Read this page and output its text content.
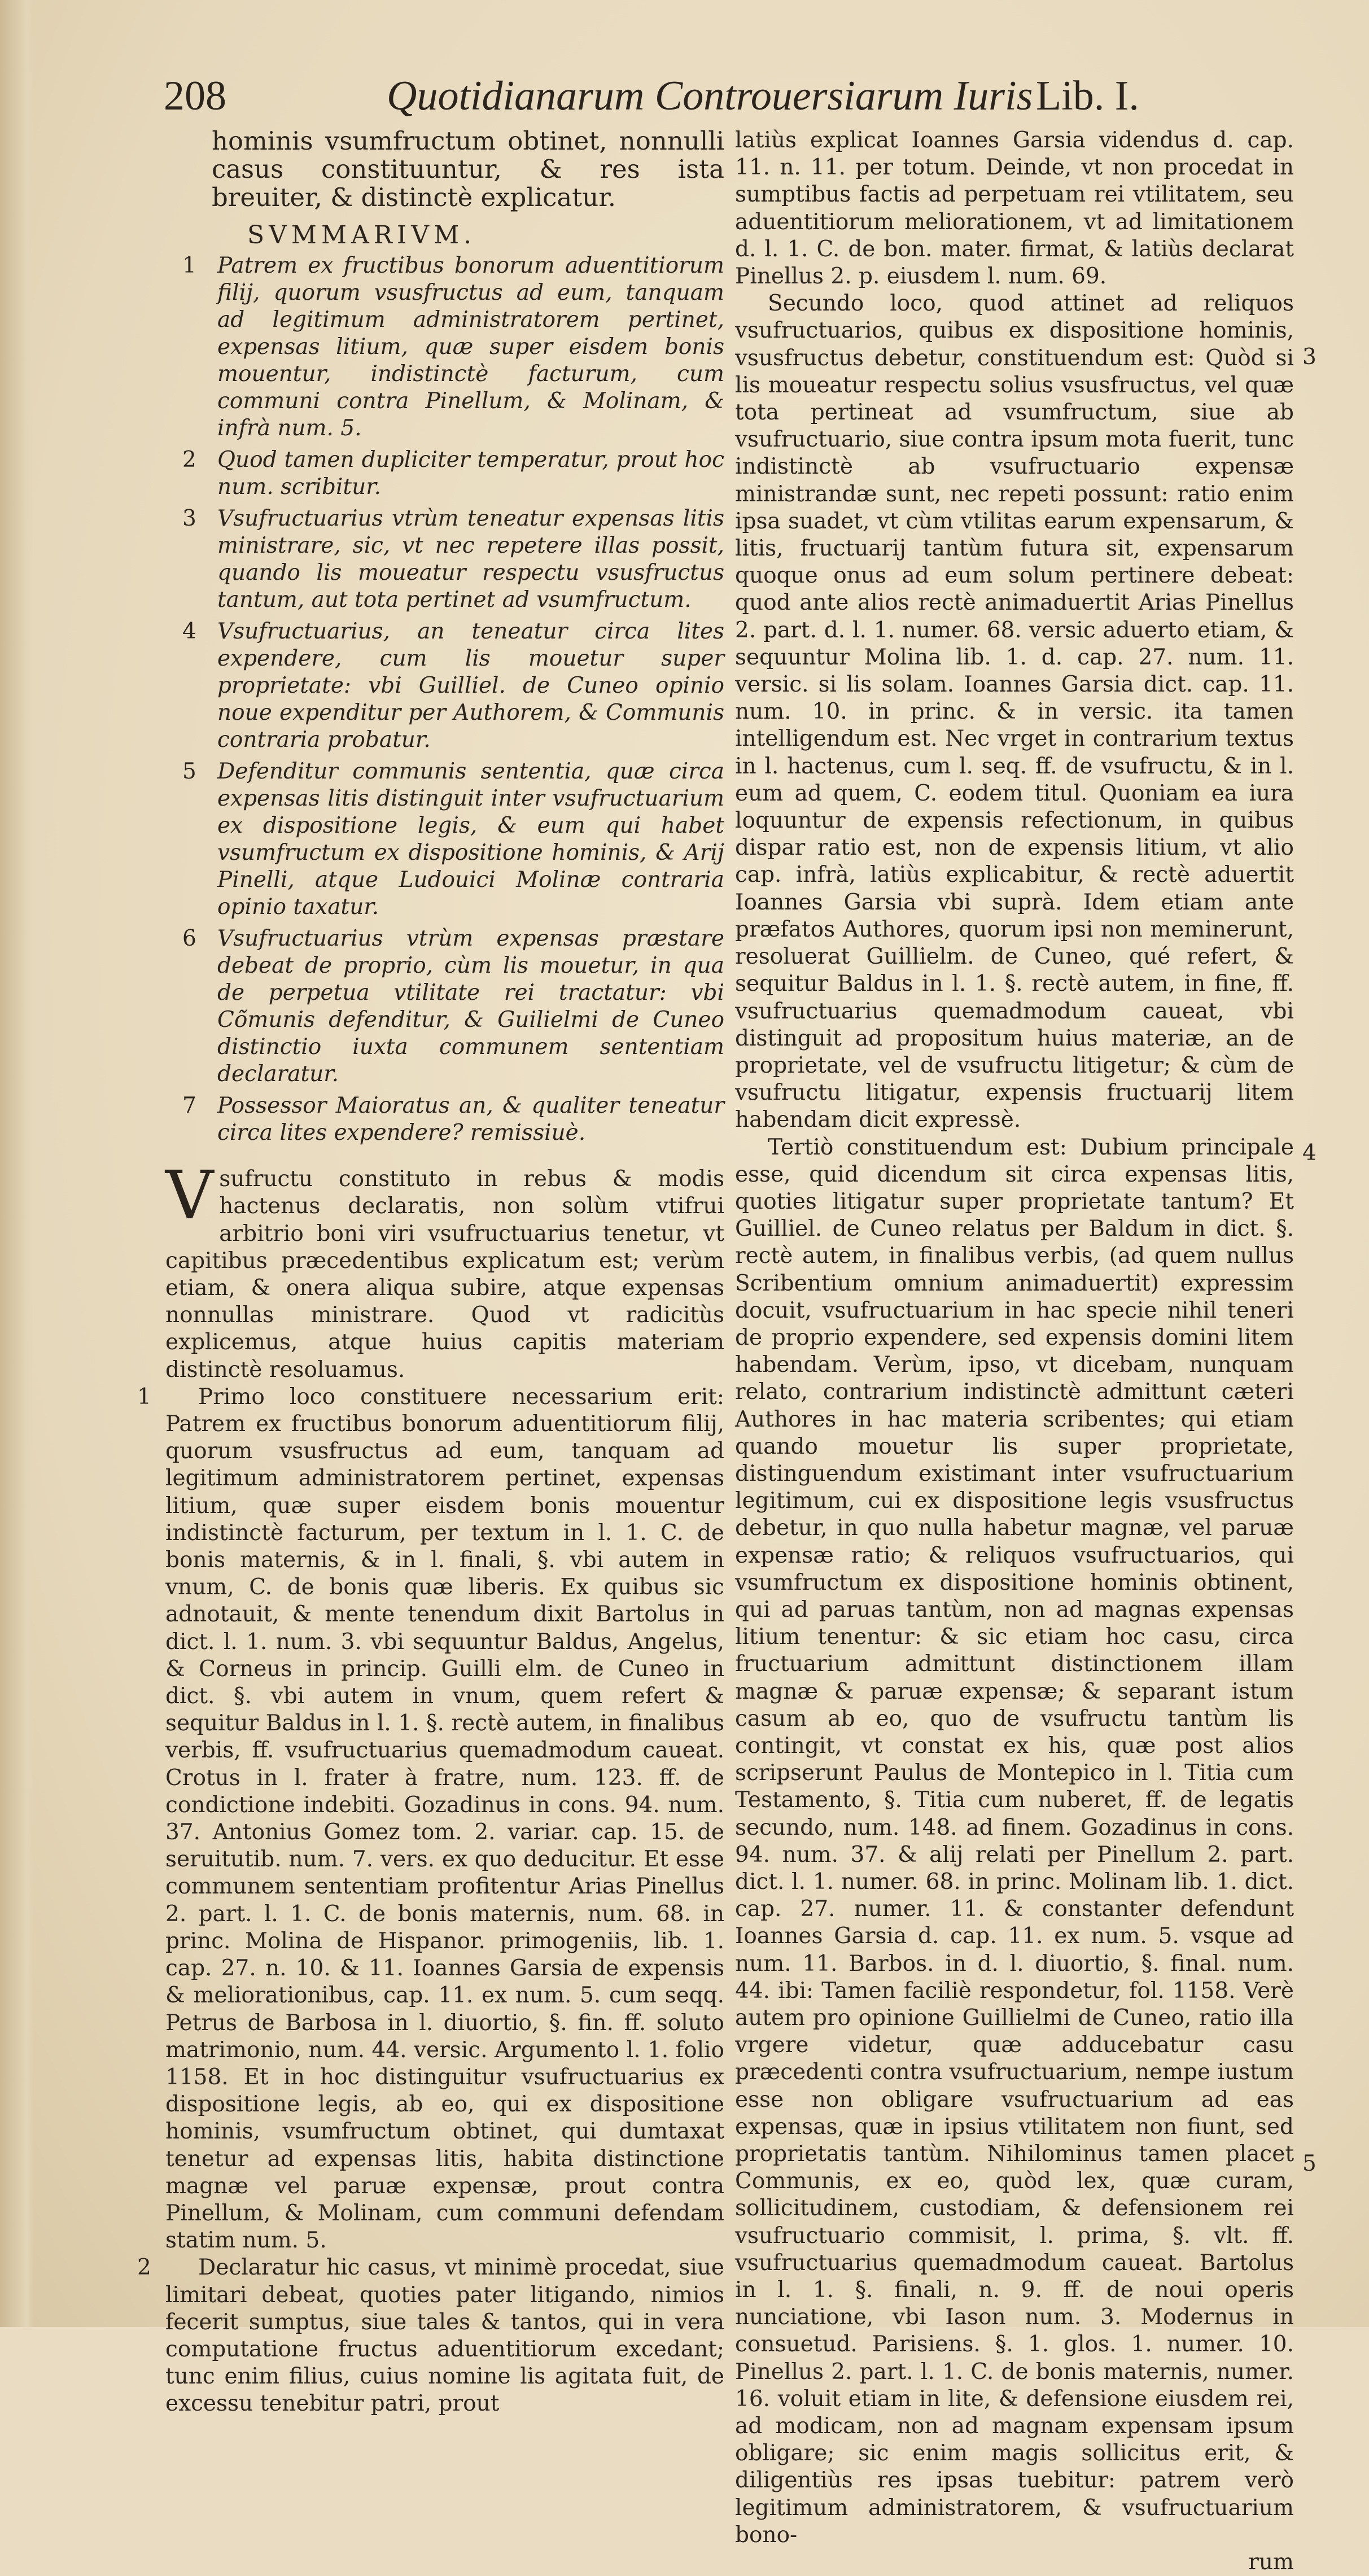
208	Quotidianarum Controuersiarum Iuris Lib. I.
hominis vsumfructum obtinet, nonnulli casus constituuntur, & res ista breuiter, & distinctè explicatur.
SVMMARIVM.
1 Patrem ex fructibus bonorum aduentitiorum filij, quorum vsusfructus ad eum, tanquam ad legitimum administratorem pertinet, expensas litium, quæ super eisdem bonis mouentur, indistinctè facturum, cum communi contra Pinellum, & Molinam, & infrà num. 5.
2 Quod tamen dupliciter temperatur, prout hoc num. scribitur.
3 Vsufructuarius vtrùm teneatur expensas litis ministrare, sic, vt nec repetere illas possit, quando lis moueatur respectu vsusfructus tantum, aut tota pertinet ad vsumfructum.
4 Vsufructuarius, an teneatur circa lites expendere, cum lis mouetur super proprietate: vbi Guilliel. de Cuneo opinio noue expenditur per Authorem, & Communis contraria probatur.
5 Defenditur communis sententia, quæ circa expensas litis distinguit inter vsufructuarium ex dispositione legis, & eum qui habet vsumfructum ex dispositione hominis, & Arij Pinelli, atque Ludouici Molinæ contraria opinio taxatur.
6 Vsufructuarius vtrùm expensas præstare debeat de proprio, cùm lis mouetur, in qua de perpetua vtilitate rei tractatur: vbi Cõmunis defenditur, & Guilielmi de Cuneo distinctio iuxta communem sententiam declaratur.
7 Possessor Maioratus an, & qualiter teneatur circa lites expendere? remissiuè.
V sufructu constituto in rebus & modis hactenus declaratis, non solùm vtifrui arbitrio boni viri vsufructuarius tenetur, vt capitibus præcedentibus explicatum est; verùm etiam, & onera aliqua subire, atque expensas nonnullas ministrare. Quod vt radicitùs explicemus, atque huius capitis materiam distinctè resoluamus.

1	Primo loco constituere necessarium erit: Patrem ex fructibus bonorum aduentitiorum filij, quorum vsusfructus ad eum, tanquam ad legitimum administratorem pertinet, expensas litium, quæ super eisdem bonis mouentur indistinctè facturum, per textum in l. 1. C. de bonis maternis, & in l. finali, §. vbi autem in vnum, C. de bonis quæ liberis. Ex quibus sic adnotauit, & mente tenendum dixit Bartolus in dict. l. 1. num. 3. vbi sequuntur Baldus, Angelus, & Corneus in princip. Guilli elm. de Cuneo in dict. §. vbi autem in vnum, quem refert & sequitur Baldus in l. 1. §. rectè autem, in finalibus verbis, ff. vsufructuarius quemadmodum caueat. Crotus in l. frater à fratre, num. 123. ff. de condictione indebiti. Gozadinus in cons. 94. num. 37. Antonius Gomez tom. 2. variar. cap. 15. de seruitutib. num. 7. vers. ex quo deducitur. Et esse communem sententiam profitentur Arias Pinellus 2. part. l. 1. C. de bonis maternis, num. 68. in princ. Molina de Hispanor. primogeniis, lib. 1. cap. 27. n. 10. & 11. Ioannes Garsia de expensis & meliorationibus, cap. 11. ex num. 5. cum seqq. Petrus de Barbosa in l. diuortio, §. fin. ff. soluto matrimonio, num. 44. versic. Argumento l. 1. folio 1158. Et in hoc distinguitur vsufructuarius ex dispositione legis, ab eo, qui ex dispositione hominis, vsumfructum obtinet, qui dumtaxat tenetur ad expensas litis, habita distinctione magnæ vel paruæ expensæ, prout contra Pinellum, & Molinam, cum communi defendam statim num. 5.

2	Declaratur hic casus, vt minimè procedat, siue limitari debeat, quoties pater litigando, nimios fecerit sumptus, siue tales & tantos, qui in vera computatione fructus aduentitiorum excedant; tunc enim filius, cuius nomine lis agitata fuit, de excessu tenebitur patri, prout

latiùs explicat Ioannes Garsia videndus d. cap. 11. n. 11. per totum. Deinde, vt non procedat in sumptibus factis ad perpetuam rei vtilitatem, seu aduentitiorum meliorationem, vt ad limitationem d. l. 1. C. de bon. mater. firmat, & latiùs declarat Pinellus 2. p. eiusdem l. num. 69.

3

Secundo loco, quod attinet ad reliquos vsufructuarios, quibus ex dispositione hominis, vsusfructus debetur, constituendum est: Quòd si lis moueatur respectu solius vsusfructus, vel quæ tota pertineat ad vsumfructum, siue ab vsufructuario, siue contra ipsum mota fuerit, tunc indistinctè ab vsufructuario expensæ ministrandæ sunt, nec repeti possunt: ratio enim ipsa suadet, vt cùm vtilitas earum expensarum, & litis, fructuarij tantùm futura sit, expensarum quoque onus ad eum solum pertinere debeat: quod ante alios rectè animaduertit Arias Pinellus 2. part. d. l. 1. numer. 68. versic aduerto etiam, & sequuntur Molina lib. 1. d. cap. 27. num. 11. versic. si lis solam. Ioannes Garsia dict. cap. 11. num. 10. in princ. & in versic. ita tamen intelligendum est. Nec vrget in contrarium textus in l. hactenus, cum l. seq. ff. de vsufructu, & in l. eum ad quem, C. eodem titul. Quoniam ea iura loquuntur de expensis refectionum, in quibus dispar ratio est, non de expensis litium, vt alio cap. infrà, latiùs explicabitur, & rectè aduertit Ioannes Garsia vbi suprà. Idem etiam ante præfatos Authores, quorum ipsi non meminerunt, resoluerat Guillielm. de Cuneo, qué refert, & sequitur Baldus in l. 1. §. rectè autem, in fine, ff. vsufructuarius quemadmodum caueat, vbi distinguit ad propositum huius materiæ, an de proprietate, vel de vsufructu litigetur; & cùm de vsufructu litigatur, expensis fructuarij litem habendam dicit expressè.

4
5

Tertiò constituendum est: Dubium principale esse, quid dicendum sit circa expensas litis, quoties litigatur super proprietate tantum? Et Guilliel. de Cuneo relatus per Baldum in dict. §. rectè autem, in finalibus verbis, (ad quem nullus Scribentium omnium animaduertit) expressim docuit, vsufructuarium in hac specie nihil teneri de proprio expendere, sed expensis domini litem habendam. Verùm, ipso, vt dicebam, nunquam relato, contrarium indistinctè admittunt cæteri Authores in hac materia scribentes; qui etiam quando mouetur lis super proprietate, distinguendum existimant inter vsufructuarium legitimum, cui ex dispositione legis vsusfructus debetur, in quo nulla habetur magnæ, vel paruæ expensæ ratio; & reliquos vsufructuarios, qui vsumfructum ex dispositione hominis obtinent, qui ad paruas tantùm, non ad magnas expensas litium tenentur: & sic etiam hoc casu, circa fructuarium admittunt distinctionem illam magnæ & paruæ expensæ; & separant istum casum ab eo, quo de vsufructu tantùm lis contingit, vt constat ex his, quæ post alios scripserunt Paulus de Montepico in l. Titia cum Testamento, §. Titia cum nuberet, ff. de legatis secundo, num. 148. ad finem. Gozadinus in cons. 94. num. 37. & alij relati per Pinellum 2. part. dict. l. 1. numer. 68. in princ. Molinam lib. 1. dict. cap. 27. numer. 11. & constanter defendunt Ioannes Garsia d. cap. 11. ex num. 5. vsque ad num. 11. Barbos. in d. l. diuortio, §. final. num. 44. ibi: Tamen faciliè respondetur, fol. 1158. Verè autem pro opinione Guillielmi de Cuneo, ratio illa vrgere videtur, quæ adducebatur casu præcedenti contra vsufructuarium, nempe iustum esse non obligare vsufructuarium ad eas expensas, quæ in ipsius vtilitatem non fiunt, sed proprietatis tantùm. Nihilominus tamen placet Communis, ex eo, quòd lex, quæ curam, sollicitudinem, custodiam, & defensionem rei vsufructuario commisit, l. prima, §. vlt. ff. vsufructuarius quemadmodum caueat. Bartolus in l. 1. §. finali, n. 9. ff. de noui operis nunciatione, vbi Iason num. 3. Modernus in consuetud. Parisiens. §. 1. glos. 1. numer. 10. Pinellus 2. part. l. 1. C. de bonis maternis, numer. 16. voluit etiam in lite, & defensione eiusdem rei, ad modicam, non ad magnam expensam ipsum obligare; sic enim magis sollicitus erit, & diligentiùs res ipsas tuebitur: patrem verò legitimum administratorem, & vsufructuarium bono-

rum
